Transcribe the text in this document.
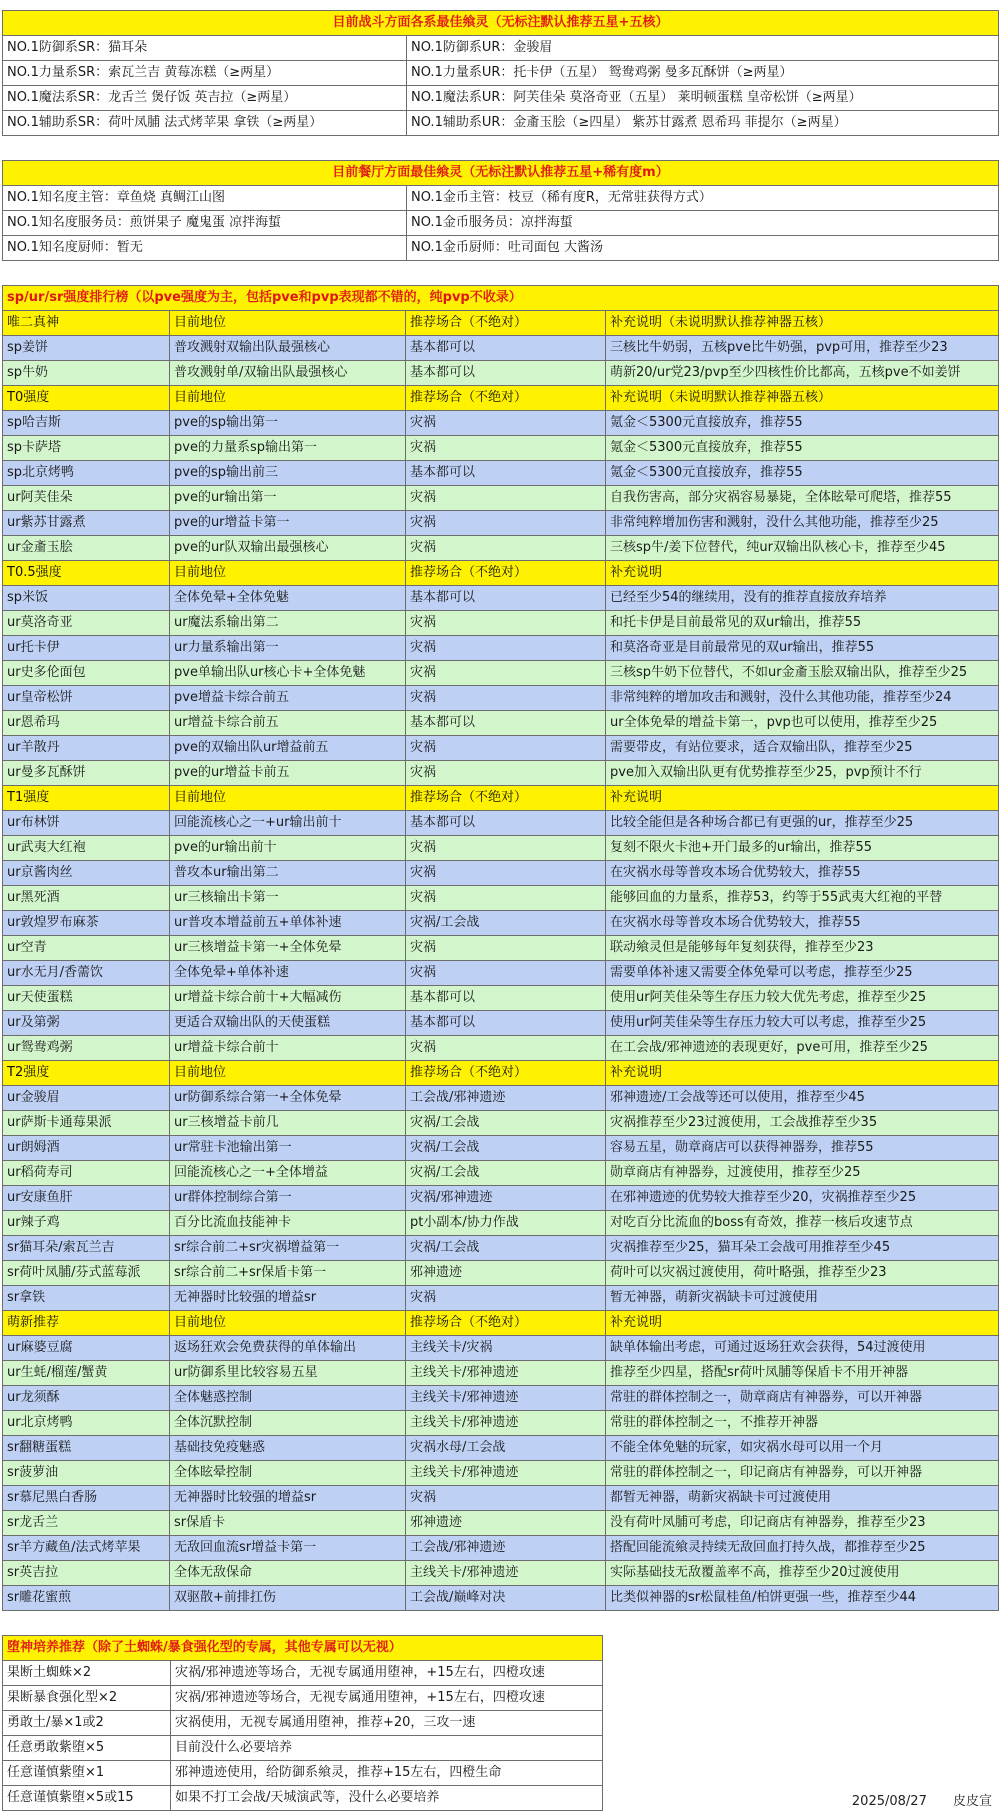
目前战斗方面各系最佳飨灵（无标注默认推荐五星+五核）	
NO.1防御系SR：猫耳朵	NO.1防御系UR：金骏眉
NO.1力量系SR：索瓦兰吉 黄莓冻糕（≥两星）	NO.1力量系UR：托卡伊（五星） 鸳鸯鸡粥 曼多瓦酥饼（≥两星）
NO.1魔法系SR：龙舌兰 煲仔饭 英吉拉（≥两星）	NO.1魔法系UR：阿芙佳朵 莫洛奇亚（五星） 莱明顿蛋糕 皇帝松饼（≥两星）
NO.1辅助系SR：荷叶凤脯 法式烤苹果 拿铁（≥两星）	NO.1辅助系UR：金齑玉脍（≥四星） 紫苏甘露煮 恩希玛 菲提尔（≥两星）
目前餐厅方面最佳飨灵（无标注默认推荐五星+稀有度m）	
NO.1知名度主管：章鱼烧 真鲷江山图	NO.1金币主管：枝豆（稀有度R，无常驻获得方式）
NO.1知名度服务员：煎饼果子 魔鬼蛋 凉拌海蜇	NO.1金币服务员：凉拌海蜇
NO.1知名度厨师：暂无	NO.1金币厨师：吐司面包 大酱汤
sp/ur/sr强度排行榜（以pve强度为主，包括pve和pvp表现都不错的，纯pvp不收录）			
唯二真神	目前地位	推荐场合（不绝对）	补充说明（未说明默认推荐神器五核）
sp姜饼	普攻溅射双输出队最强核心	基本都可以	三核比牛奶弱，五核pve比牛奶强，pvp可用，推荐至少23
sp牛奶	普攻溅射单/双输出队最强核心	基本都可以	萌新20/ur党23/pvp至少四核性价比都高，五核pve不如姜饼
T0强度	目前地位	推荐场合（不绝对）	补充说明（未说明默认推荐神器五核）
sp哈吉斯	pve的sp输出第一	灾祸	氪金＜5300元直接放弃，推荐55
sp卡萨塔	pve的力量系sp输出第一	灾祸	氪金＜5300元直接放弃，推荐55
sp北京烤鸭	pve的sp输出前三	基本都可以	氪金＜5300元直接放弃，推荐55
ur阿芙佳朵	pve的ur输出第一	灾祸	自我伤害高，部分灾祸容易暴毙，全体眩晕可爬塔，推荐55
ur紫苏甘露煮	pve的ur增益卡第一	灾祸	非常纯粹增加伤害和溅射，没什么其他功能，推荐至少25
ur金齑玉脍	pve的ur队双输出最强核心	灾祸	三核sp牛/姜下位替代，纯ur双输出队核心卡，推荐至少45
T0.5强度	目前地位	推荐场合（不绝对）	补充说明
sp米饭	全体免晕+全体免魅	基本都可以	已经至少54的继续用，没有的推荐直接放弃培养
ur莫洛奇亚	ur魔法系输出第二	灾祸	和托卡伊是目前最常见的双ur输出，推荐55
ur托卡伊	ur力量系输出第一	灾祸	和莫洛奇亚是目前最常见的双ur输出，推荐55
ur史多伦面包	pve单输出队ur核心卡+全体免魅	灾祸	三核sp牛奶下位替代，不如ur金齑玉脍双输出队，推荐至少25
ur皇帝松饼	pve增益卡综合前五	灾祸	非常纯粹的增加攻击和溅射，没什么其他功能，推荐至少24
ur恩希玛	ur增益卡综合前五	基本都可以	ur全体免晕的增益卡第一，pvp也可以使用，推荐至少25
ur羊散丹	pve的双输出队ur增益前五	灾祸	需要带皮，有站位要求，适合双输出队，推荐至少25
ur曼多瓦酥饼	pve的ur增益卡前五	灾祸	pve加入双输出队更有优势推荐至少25，pvp预计不行
T1强度	目前地位	推荐场合（不绝对）	补充说明
ur布林饼	回能流核心之一+ur输出前十	基本都可以	比较全能但是各种场合都已有更强的ur，推荐至少25
ur武夷大红袍	pve的ur输出前十	灾祸	复刻不限火卡池+开门最多的ur输出，推荐55
ur京酱肉丝	普攻本ur输出第二	灾祸	在灾祸水母等普攻本场合优势较大，推荐55
ur黑死酒	ur三核输出卡第一	灾祸	能够回血的力量系，推荐53，约等于55武夷大红袍的平替
ur敦煌罗布麻茶	ur普攻本增益前五+单体补速	灾祸/工会战	在灾祸水母等普攻本场合优势较大，推荐55
ur空青	ur三核增益卡第一+全体免晕	灾祸	联动飨灵但是能够每年复刻获得，推荐至少23
ur水无月/香薷饮	全体免晕+单体补速	灾祸	需要单体补速又需要全体免晕可以考虑，推荐至少25
ur天使蛋糕	ur增益卡综合前十+大幅减伤	基本都可以	使用ur阿芙佳朵等生存压力较大优先考虑，推荐至少25
ur及第粥	更适合双输出队的天使蛋糕	基本都可以	使用ur阿芙佳朵等生存压力较大可以考虑，推荐至少25
ur鸳鸯鸡粥	ur增益卡综合前十	灾祸	在工会战/邪神遗迹的表现更好，pve可用，推荐至少25
T2强度	目前地位	推荐场合（不绝对）	补充说明
ur金骏眉	ur防御系综合第一+全体免晕	工会战/邪神遗迹	邪神遗迹/工会战等还可以使用，推荐至少45
ur萨斯卡通莓果派	ur三核增益卡前几	灾祸/工会战	灾祸推荐至少23过渡使用，工会战推荐至少35
ur朗姆酒	ur常驻卡池输出第一	灾祸/工会战	容易五星，勋章商店可以获得神器券，推荐55
ur稻荷寿司	回能流核心之一+全体增益	灾祸/工会战	勋章商店有神器券，过渡使用，推荐至少25
ur安康鱼肝	ur群体控制综合第一	灾祸/邪神遗迹	在邪神遗迹的优势较大推荐至少20，灾祸推荐至少25
ur辣子鸡	百分比流血技能神卡	pt小副本/协力作战	对吃百分比流血的boss有奇效，推荐一核后攻速节点
sr猫耳朵/索瓦兰吉	sr综合前二+sr灾祸增益第一	灾祸/工会战	灾祸推荐至少25，猫耳朵工会战可用推荐至少45
sr荷叶凤脯/芬式蓝莓派	sr综合前二+sr保盾卡第一	邪神遗迹	荷叶可以灾祸过渡使用，荷叶略强，推荐至少23
sr拿铁	无神器时比较强的增益sr	灾祸	暂无神器，萌新灾祸缺卡可过渡使用
萌新推荐	目前地位	推荐场合（不绝对）	补充说明
ur麻婆豆腐	返场狂欢会免费获得的单体输出	主线关卡/灾祸	缺单体输出考虑，可通过返场狂欢会获得，54过渡使用
ur生蚝/榴莲/蟹黄	ur防御系里比较容易五星	主线关卡/邪神遗迹	推荐至少四星，搭配sr荷叶凤脯等保盾卡不用开神器
ur龙须酥	全体魅惑控制	主线关卡/邪神遗迹	常驻的群体控制之一，勋章商店有神器券，可以开神器
ur北京烤鸭	全体沉默控制	主线关卡/邪神遗迹	常驻的群体控制之一，不推荐开神器
sr翻糖蛋糕	基础技免疫魅惑	灾祸水母/工会战	不能全体免魅的玩家，如灾祸水母可以用一个月
sr菠萝油	全体眩晕控制	主线关卡/邪神遗迹	常驻的群体控制之一，印记商店有神器券，可以开神器
sr慕尼黑白香肠	无神器时比较强的增益sr	灾祸	都暂无神器，萌新灾祸缺卡可过渡使用
sr龙舌兰	sr保盾卡	邪神遗迹	没有荷叶凤脯可考虑，印记商店有神器券，推荐至少23
sr羊方藏鱼/法式烤苹果	无敌回血流sr增益卡第一	工会战/邪神遗迹	搭配回能流飨灵持续无敌回血打持久战，都推荐至少25
sr英吉拉	全体无敌保命	主线关卡/邪神遗迹	实际基础技无敌覆盖率不高，推荐至少20过渡使用
sr雕花蜜煎	双驱散+前排扛伤	工会战/巅峰对决	比类似神器的sr松鼠桂鱼/柏饼更强一些，推荐至少44
堕神培养推荐（除了土蜘蛛/暴食强化型的专属，其他专属可以无视）	
果断土蜘蛛×2	灾祸/邪神遗迹等场合，无视专属通用堕神，+15左右，四橙攻速
果断暴食强化型×2	灾祸/邪神遗迹等场合，无视专属通用堕神，+15左右，四橙攻速
勇敢土/暴×1或2	灾祸使用，无视专属通用堕神，推荐+20，三攻一速
任意勇敢紫堕×5	目前没什么必要培养
任意谨慎紫堕×1	邪神遗迹使用，给防御系飨灵，推荐+15左右，四橙生命
任意谨慎紫堕×5或15	如果不打工会战/天城演武等，没什么必要培养	2025/08/27 皮皮宣
